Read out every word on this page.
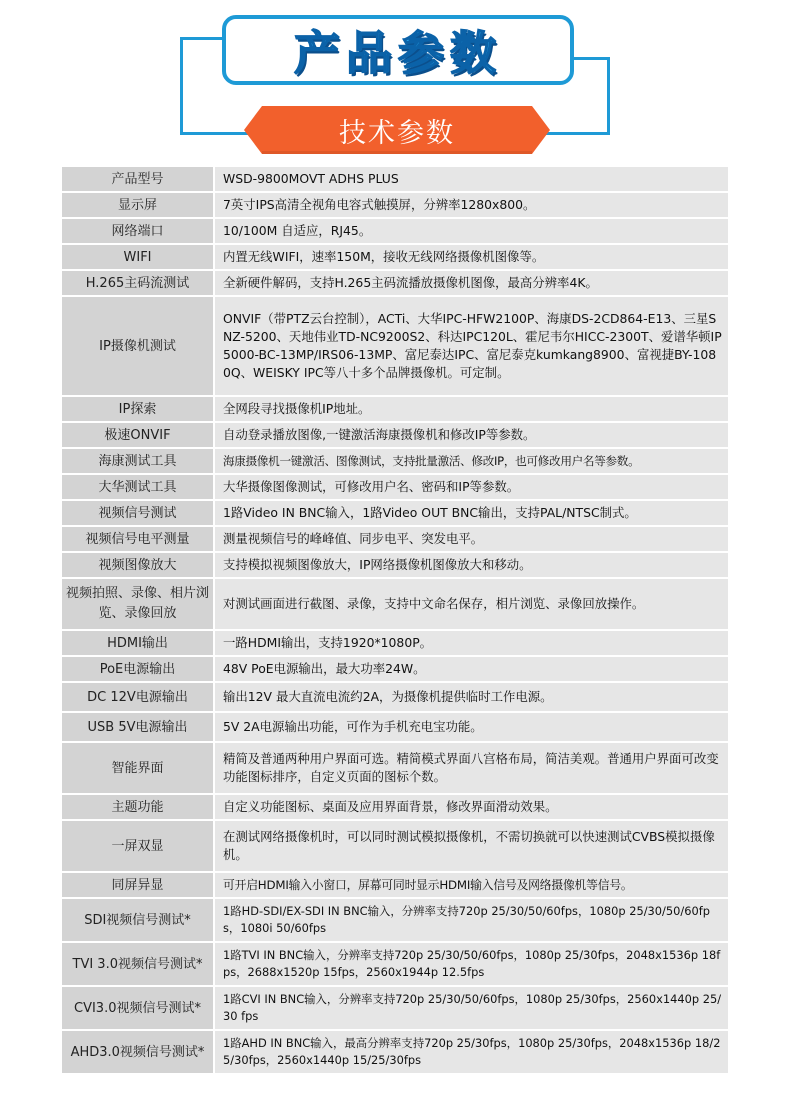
产品参数
技术参数
产品型号	WSD-9800MOVT ADHS PLUS
显示屏	7英寸IPS高清全视角电容式触摸屏，分辨率1280x800。
网络端口	10/100M 自适应，RJ45。
WIFI	内置无线WIFI，速率150M，接收无线网络摄像机图像等。
H.265主码流测试	全新硬件解码，支持H.265主码流播放摄像机图像，最高分辨率4K。
IP摄像机测试	ONVIF（带PTZ云台控制），ACTi、大华IPC-HFW2100P、海康DS-2CD864-E13、三星SNZ-5200、天地伟业TD-NC9200S2、科达IPC120L、霍尼韦尔HICC-2300T、爱谱华顿IP5000-BC-13MP/IRS06-13MP、富尼泰达IPC、富尼泰克kumkang8900、富视捷BY-1080Q、WEISKY IPC等八十多个品牌摄像机。可定制。
IP探索	全网段寻找摄像机IP地址。
极速ONVIF	自动登录播放图像,一键激活海康摄像机和修改IP等参数。
海康测试工具	海康摄像机一键激活、图像测试，支持批量激活、修改IP，也可修改用户名等参数。
大华测试工具	大华摄像图像测试，可修改用户名、密码和IP等参数。
视频信号测试	1路Video IN BNC输入，1路Video OUT BNC输出，支持PAL/NTSC制式。
视频信号电平测量	测量视频信号的峰峰值、同步电平、突发电平。
视频图像放大	支持模拟视频图像放大，IP网络摄像机图像放大和移动。
视频拍照、录像、相片浏览、录像回放	对测试画面进行截图、录像，支持中文命名保存，相片浏览、录像回放操作。
HDMI输出	一路HDMI输出，支持1920*1080P。
PoE电源输出	48V PoE电源输出，最大功率24W。
DC 12V电源输出	输出12V 最大直流电流约2A，为摄像机提供临时工作电源。
USB 5V电源输出	5V 2A电源输出功能，可作为手机充电宝功能。
智能界面	精简及普通两种用户界面可选。精简模式界面八宫格布局，简洁美观。普通用户界面可改变功能图标排序，自定义页面的图标个数。
主题功能	自定义功能图标、桌面及应用界面背景，修改界面滑动效果。
一屏双显	在测试网络摄像机时，可以同时测试模拟摄像机，不需切换就可以快速测试CVBS模拟摄像机。
同屏异显	可开启HDMI输入小窗口，屏幕可同时显示HDMI输入信号及网络摄像机等信号。
SDI视频信号测试*	1路HD-SDI/EX-SDI IN BNC输入，分辨率支持720p 25/30/50/60fps，1080p 25/30/50/60fps，1080i 50/60fps
TVI 3.0视频信号测试*	1路TVI IN BNC输入，分辨率支持720p 25/30/50/60fps，1080p 25/30fps，2048x1536p 18fps，2688x1520p 15fps，2560x1944p 12.5fps
CVI3.0视频信号测试*	1路CVI IN BNC输入，分辨率支持720p 25/30/50/60fps，1080p 25/30fps，2560x1440p 25/30 fps
AHD3.0视频信号测试*	1路AHD IN BNC输入，最高分辨率支持720p 25/30fps，1080p 25/30fps，2048x1536p 18/25/30fps，2560x1440p 15/25/30fps
